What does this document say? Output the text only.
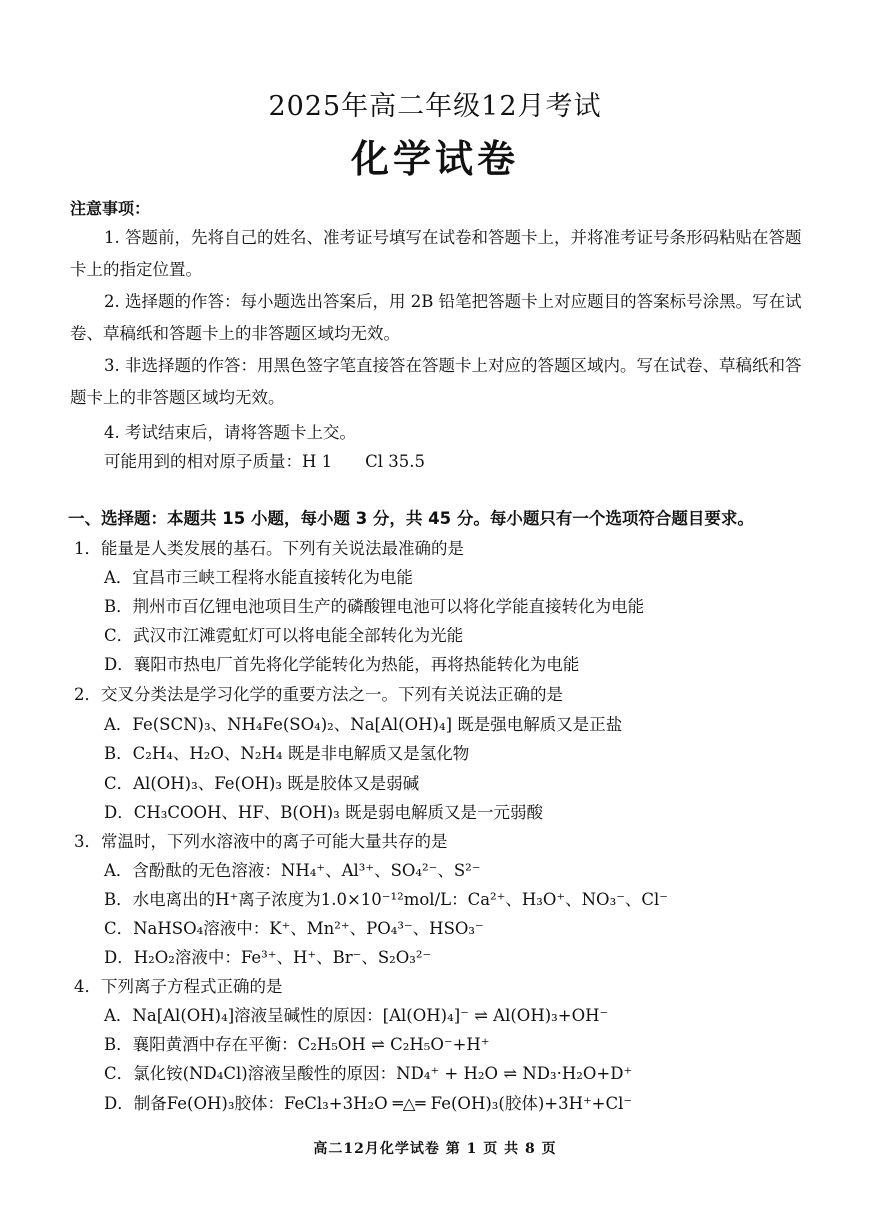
2025年高二年级12月考试
化学试卷
注意事项：
1. 答题前，先将自己的姓名、准考证号填写在试卷和答题卡上，并将准考证号条形码粘贴在答题卡上的指定位置。
2. 选择题的作答：每小题选出答案后，用 2B 铅笔把答题卡上对应题目的答案标号涂黑。写在试卷、草稿纸和答题卡上的非答题区域均无效。
3. 非选择题的作答：用黑色签字笔直接答在答题卡上对应的答题区域内。写在试卷、草稿纸和答题卡上的非答题区域均无效。
4. 考试结束后，请将答题卡上交。
可能用到的相对原子质量：H 1　　Cl 35.5
一、选择题：本题共 15 小题，每小题 3 分，共 45 分。每小题只有一个选项符合题目要求。
1．能量是人类发展的基石。下列有关说法最准确的是
A．宜昌市三峡工程将水能直接转化为电能
B．荆州市百亿锂电池项目生产的磷酸锂电池可以将化学能直接转化为电能
C．武汉市江滩霓虹灯可以将电能全部转化为光能
D．襄阳市热电厂首先将化学能转化为热能，再将热能转化为电能
2．交叉分类法是学习化学的重要方法之一。下列有关说法正确的是
A．Fe(SCN)₃、NH₄Fe(SO₄)₂、Na[Al(OH)₄] 既是强电解质又是正盐
B．C₂H₄、H₂O、N₂H₄ 既是非电解质又是氢化物
C．Al(OH)₃、Fe(OH)₃ 既是胶体又是弱碱
D．CH₃COOH、HF、B(OH)₃ 既是弱电解质又是一元弱酸
3．常温时，下列水溶液中的离子可能大量共存的是
A．含酚酞的无色溶液：NH₄⁺、Al³⁺、SO₄²⁻、S²⁻
B．水电离出的H⁺离子浓度为1.0×10⁻¹²mol/L：Ca²⁺、H₃O⁺、NO₃⁻、Cl⁻
C．NaHSO₄溶液中：K⁺、Mn²⁺、PO₄³⁻、HSO₃⁻
D．H₂O₂溶液中：Fe³⁺、H⁺、Br⁻、S₂O₃²⁻
4．下列离子方程式正确的是
A．Na[Al(OH)₄]溶液呈碱性的原因：[Al(OH)₄]⁻ ⇌ Al(OH)₃+OH⁻
B．襄阳黄酒中存在平衡：C₂H₅OH ⇌ C₂H₅O⁻+H⁺
C．氯化铵(ND₄Cl)溶液呈酸性的原因：ND₄⁺ + H₂O ⇌ ND₃·H₂O+D⁺
D．制备Fe(OH)₃胶体：FeCl₃+3H₂O ═△═ Fe(OH)₃(胶体)+3H⁺+Cl⁻
高二12月化学试卷 第 1 页 共 8 页
